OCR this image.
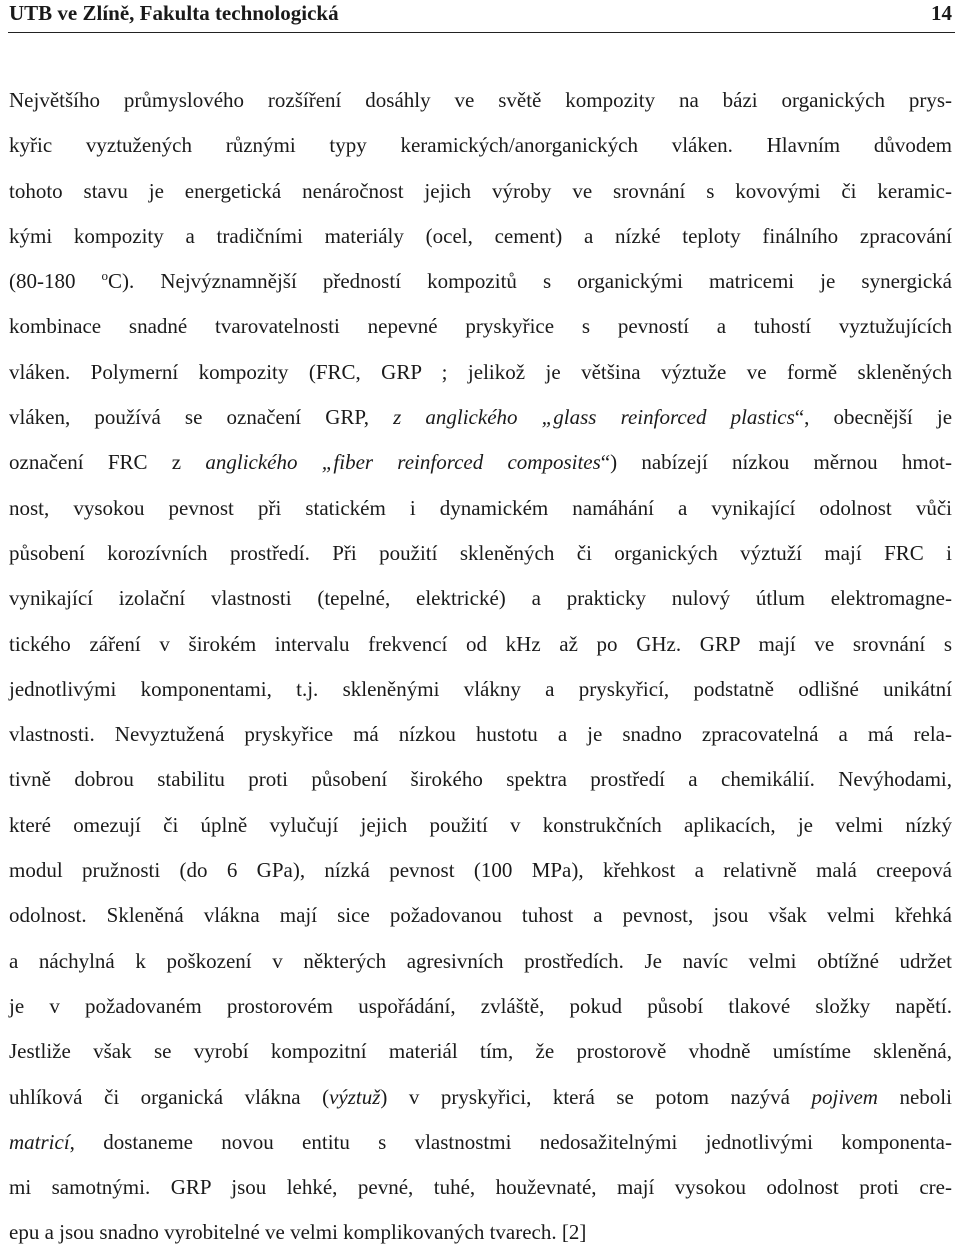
UTB ve Zlíně, Fakulta technologická	14
Největšího průmyslového rozšíření dosáhly ve světě kompozity na bázi organických prys-
kyřic vyztužených různými typy keramických/anorganických vláken. Hlavním důvodem
tohoto stavu je energetická nenáročnost jejich výroby ve srovnání s kovovými či keramic-
kými kompozity a tradičními materiály (ocel, cement) a nízké teploty finálního zpracování
(80-180 $^o$C). Nejvýznamnější předností kompozitů s organickými matricemi je synergická
kombinace snadné tvarovatelnosti nepevné pryskyřice s pevností a tuhostí vyztužujících
vláken. Polymerní kompozity (FRC, GRP ; jelikož je většina výztuže ve formě skleněných
vláken, používá se označení GRP, z anglického „glass reinforced plastics“, obecnější je
označení FRC z anglického „fiber reinforced composites“) nabízejí nízkou měrnou hmot-
nost, vysokou pevnost při statickém i dynamickém namáhání a vynikající odolnost vůči
působení korozívních prostředí. Při použití skleněných či organických výztuží mají FRC i
vynikající izolační vlastnosti (tepelné, elektrické) a prakticky nulový útlum elektromagne-
tického záření v širokém intervalu frekvencí od kHz až po GHz. GRP mají ve srovnání s
jednotlivými komponentami, t.j. skleněnými vlákny a pryskyřicí, podstatně odlišné unikátní
vlastnosti. Nevyztužená pryskyřice má nízkou hustotu a je snadno zpracovatelná a má rela-
tivně dobrou stabilitu proti působení širokého spektra prostředí a chemikálií. Nevýhodami,
které omezují či úplně vylučují jejich použití v konstrukčních aplikacích, je velmi nízký
modul pružnosti (do 6 GPa), nízká pevnost (100 MPa), křehkost a relativně malá creepová
odolnost. Skleněná vlákna mají sice požadovanou tuhost a pevnost, jsou však velmi křehká
a náchylná k poškození v některých agresivních prostředích. Je navíc velmi obtížné udržet
je v požadovaném prostorovém uspořádání, zvláště, pokud působí tlakové složky napětí.
Jestliže však se vyrobí kompozitní materiál tím, že prostorově vhodně umístíme skleněná,
uhlíková či organická vlákna (výztuž) v pryskyřici, která se potom nazývá pojivem neboli
matricí, dostaneme novou entitu s vlastnostmi nedosažitelnými jednotlivými komponenta-
mi samotnými. GRP jsou lehké, pevné, tuhé, houževnaté, mají vysokou odolnost proti cre-
epu a jsou snadno vyrobitelné ve velmi komplikovaných tvarech. [2]
